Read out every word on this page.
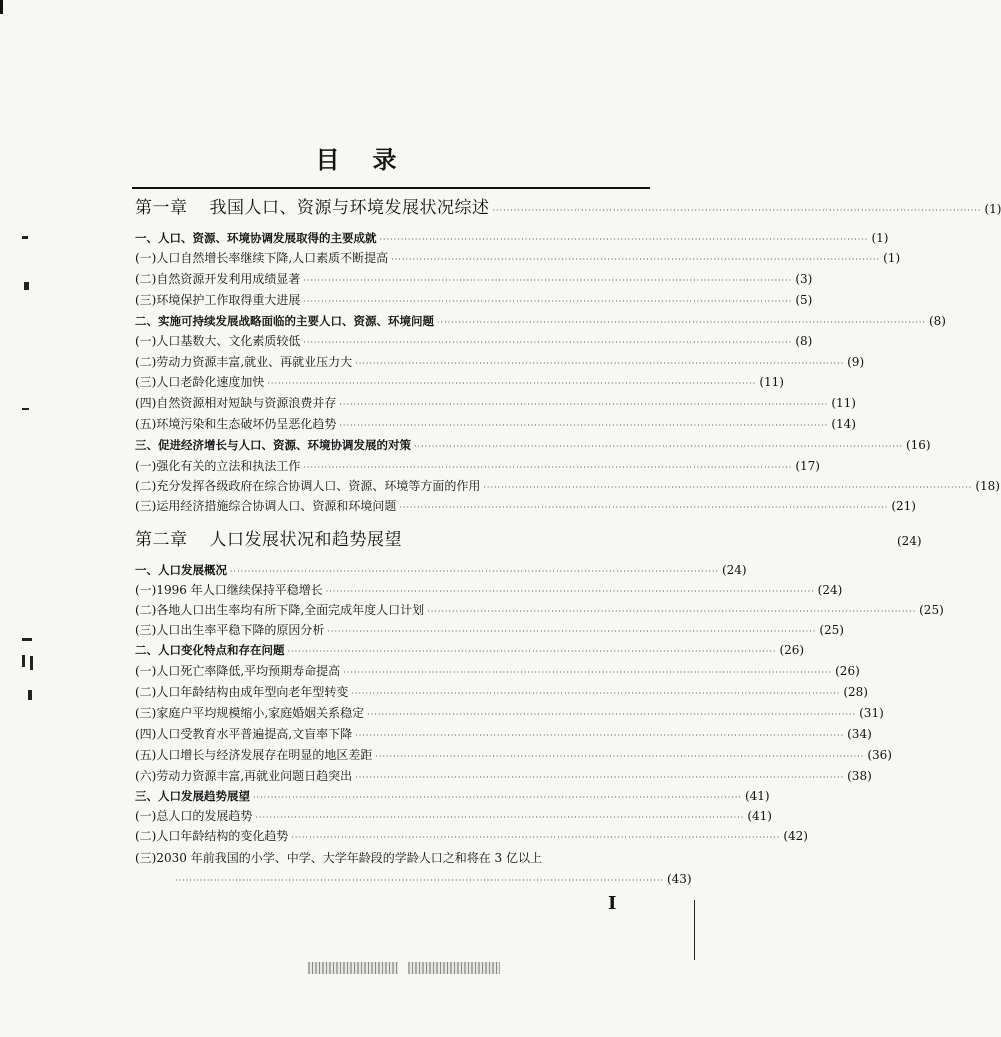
目 录
第一章 我国人口、资源与环境发展状况综述 ·········································································································································· (1)
一、人口、资源、环境协调发展取得的主要成就 ·········································································································································· (1)
(一)人口自然增长率继续下降,人口素质不断提高 ·········································································································································· (1)
(二)自然资源开发利用成绩显著 ·········································································································································· (3)
(三)环境保护工作取得重大进展 ·········································································································································· (5)
二、实施可持续发展战略面临的主要人口、资源、环境问题 ·········································································································································· (8)
(一)人口基数大、文化素质较低 ·········································································································································· (8)
(二)劳动力资源丰富,就业、再就业压力大 ·········································································································································· (9)
(三)人口老龄化速度加快 ·········································································································································· (11)
(四)自然资源相对短缺与资源浪费并存 ·········································································································································· (11)
(五)环境污染和生态破坏仍呈恶化趋势 ·········································································································································· (14)
三、促进经济增长与人口、资源、环境协调发展的对策 ·········································································································································· (16)
(一)强化有关的立法和执法工作 ·········································································································································· (17)
(二)充分发挥各级政府在综合协调人口、资源、环境等方面的作用 ·········································································································································· (18)
(三)运用经济措施综合协调人口、资源和环境问题 ·········································································································································· (21)
第二章 人口发展状况和趋势展望	(24)
一、人口发展概况 ·········································································································································· (24)
(一)1996 年人口继续保持平稳增长 ·········································································································································· (24)
(二)各地人口出生率均有所下降,全面完成年度人口计划 ·········································································································································· (25)
(三)人口出生率平稳下降的原因分析 ·········································································································································· (25)
二、人口变化特点和存在问题 ·········································································································································· (26)
(一)人口死亡率降低,平均预期寿命提高 ·········································································································································· (26)
(二)人口年龄结构由成年型向老年型转变 ·········································································································································· (28)
(三)家庭户平均规模缩小,家庭婚姻关系稳定 ·········································································································································· (31)
(四)人口受教育水平普遍提高,文盲率下降 ·········································································································································· (34)
(五)人口增长与经济发展存在明显的地区差距 ·········································································································································· (36)
(六)劳动力资源丰富,再就业问题日趋突出 ·········································································································································· (38)
三、人口发展趋势展望 ·········································································································································· (41)
(一)总人口的发展趋势 ·········································································································································· (41)
(二)人口年龄结构的变化趋势 ·········································································································································· (42)
(三)2030 年前我国的小学、中学、大学年龄段的学龄人口之和将在 3 亿以上
·········································································································································· (43)
I
